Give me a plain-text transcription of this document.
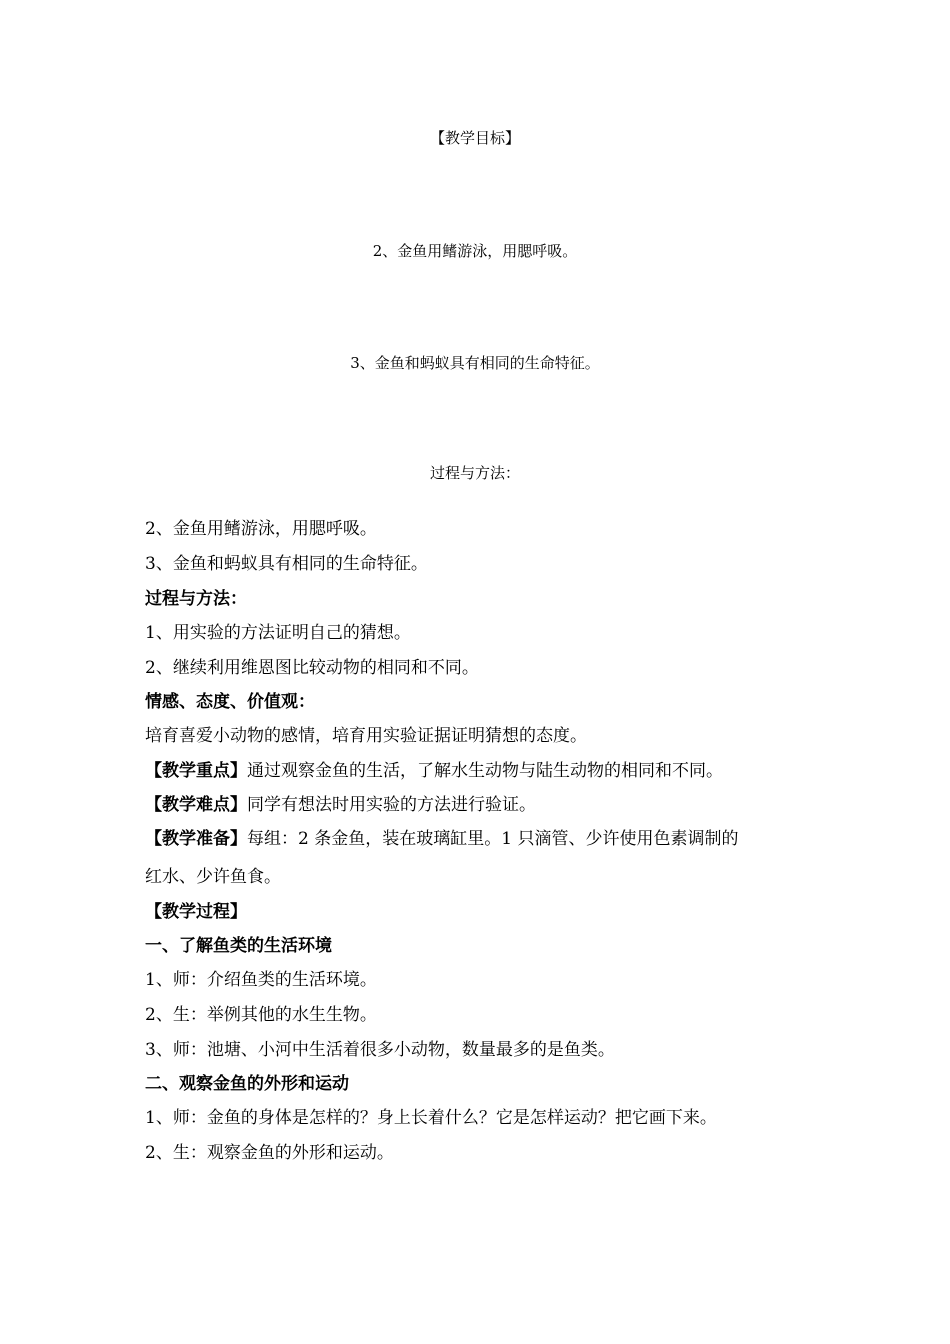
【教学目标】
2、金鱼用鳍游泳，用腮呼吸。
3、金鱼和蚂蚁具有相同的生命特征。
过程与方法：
2、金鱼用鳍游泳，用腮呼吸。
3、金鱼和蚂蚁具有相同的生命特征。
过程与方法：
1、用实验的方法证明自己的猜想。
2、继续利用维恩图比较动物的相同和不同。
情感、态度、价值观：
培育喜爱小动物的感情，培育用实验证据证明猜想的态度。
【教学重点】通过观察金鱼的生活，了解水生动物与陆生动物的相同和不同。
【教学难点】同学有想法时用实验的方法进行验证。
【教学准备】每组：2 条金鱼，装在玻璃缸里。1 只滴管、少许使用色素调制的
红水、少许鱼食。
【教学过程】
一、了解鱼类的生活环境
1、师：介绍鱼类的生活环境。
2、生：举例其他的水生生物。
3、师：池塘、小河中生活着很多小动物，数量最多的是鱼类。
二、观察金鱼的外形和运动
1、师：金鱼的身体是怎样的？身上长着什么？它是怎样运动？把它画下来。
2、生：观察金鱼的外形和运动。
